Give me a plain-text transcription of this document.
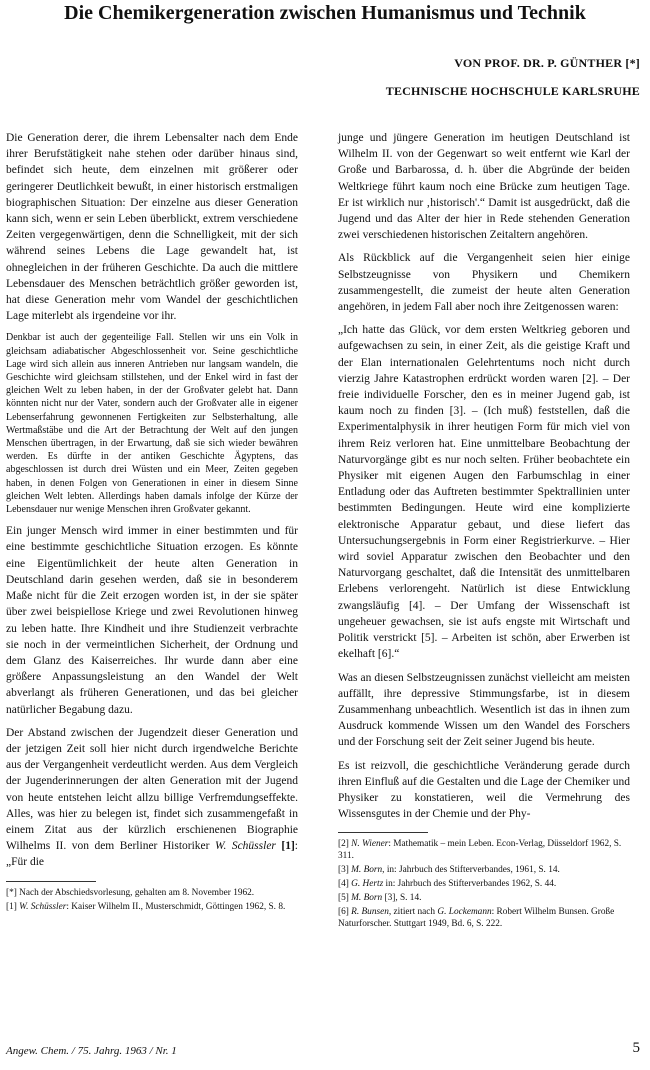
Die Chemikergeneration zwischen Humanismus und Technik
VON PROF. DR. P. GÜNTHER [*]
TECHNISCHE HOCHSCHULE KARLSRUHE

Die Generation derer, die ihrem Lebensalter nach dem Ende ihrer Berufstätigkeit nahe stehen oder darüber hinaus sind, befindet sich heute, dem einzelnen mit größerer oder geringerer Deutlichkeit bewußt, in einer historisch erstmaligen biographischen Situation: Der einzelne aus dieser Generation kann sich, wenn er sein Leben überblickt, extrem verschiedene Zeiten vergegenwärtigen, denn die Schnelligkeit, mit der sich während seines Lebens die Lage gewandelt hat, ist ohnegleichen in der früheren Geschichte. Da auch die mittlere Lebensdauer des Menschen beträchtlich größer geworden ist, hat diese Generation mehr vom Wandel der geschichtlichen Lage miterlebt als irgendeine vor ihr.

Denkbar ist auch der gegenteilige Fall. Stellen wir uns ein Volk in gleichsam adiabatischer Abgeschlossenheit vor. Seine geschichtliche Lage wird sich allein aus inneren Antrieben nur langsam wandeln, die Geschichte wird gleichsam stillstehen, und der Enkel wird in fast der gleichen Welt zu leben haben, in der der Großvater gelebt hat. Dann könnten nicht nur der Vater, sondern auch der Großvater alle in eigener Lebenserfahrung gewonnenen Fertigkeiten zur Selbsterhaltung, alle Wertmaßstäbe und die Art der Betrachtung der Welt auf den jungen Menschen übertragen, in der Erwartung, daß sie sich wieder bewähren werden. Es dürfte in der antiken Geschichte Ägyptens, das abgeschlossen ist durch drei Wüsten und ein Meer, Zeiten gegeben haben, in denen Folgen von Generationen in einer in diesem Sinne gleichen Welt lebten. Allerdings haben damals infolge der Kürze der Lebensdauer nur wenige Menschen ihren Großvater gekannt.

Ein junger Mensch wird immer in einer bestimmten und für eine bestimmte geschichtliche Situation erzogen. Es könnte eine Eigentümlichkeit der heute alten Generation in Deutschland darin gesehen werden, daß sie in besonderem Maße nicht für die Zeit erzogen worden ist, in der sie später über zwei beispiellose Kriege und zwei Revolutionen hinweg zu leben hatte. Ihre Kindheit und ihre Studienzeit verbrachte sie noch in der vermeintlichen Sicherheit, der Ordnung und dem Glanz des Kaiserreiches. Ihr wurde dann aber eine größere Anpassungsleistung an den Wandel der Welt abverlangt als früheren Generationen, und das bei gleicher natürlicher Begabung dazu.

Der Abstand zwischen der Jugendzeit dieser Generation und der jetzigen Zeit soll hier nicht durch irgendwelche Berichte aus der Vergangenheit verdeutlicht werden. Aus dem Vergleich der Jugenderinnerungen der alten Generation mit der Jugend von heute entstehen leicht allzu billige Verfremdungseffekte. Alles, was hier zu belegen ist, findet sich zusammengefaßt in einem Zitat aus der kürzlich erschienenen Biographie Wilhelms II. von dem Berliner Historiker W. Schüssler [1]: „Für die

[*] Nach der Abschiedsvorlesung, gehalten am 8. November 1962.

[1] W. Schüssler: Kaiser Wilhelm II., Musterschmidt, Göttingen 1962, S. 8.

junge und jüngere Generation im heutigen Deutschland ist Wilhelm II. von der Gegenwart so weit entfernt wie Karl der Große und Barbarossa, d. h. über die Abgründe der beiden Weltkriege führt kaum noch eine Brücke zum heutigen Tage. Er ist wirklich nur ‚historisch'.“ Damit ist ausgedrückt, daß die Jugend und das Alter der hier in Rede stehenden Generation zwei verschiedenen historischen Zeitaltern angehören.

Als Rückblick auf die Vergangenheit seien hier einige Selbstzeugnisse von Physikern und Chemikern zusammengestellt, die zumeist der heute alten Generation angehören, in jedem Fall aber noch ihre Zeitgenossen waren:

„Ich hatte das Glück, vor dem ersten Weltkrieg geboren und aufgewachsen zu sein, in einer Zeit, als die geistige Kraft und der Elan internationalen Gelehrtentums noch nicht durch vierzig Jahre Katastrophen erdrückt worden waren [2]. – Der freie individuelle Forscher, den es in meiner Jugend gab, ist kaum noch zu finden [3]. – (Ich muß) feststellen, daß die Experimentalphysik in ihrer heutigen Form für mich viel von ihrem Reiz verloren hat. Eine unmittelbare Beobachtung der Naturvorgänge gibt es nur noch selten. Früher beobachtete ein Physiker mit eigenen Augen den Farbumschlag in einer Entladung oder das Auftreten bestimmter Spektrallinien unter bestimmten Bedingungen. Heute wird eine komplizierte elektronische Apparatur gebaut, und diese liefert das Untersuchungsergebnis in Form einer Registrierkurve. – Hier wird soviel Apparatur zwischen den Beobachter und den Naturvorgang geschaltet, daß die Intensität des unmittelbaren Erlebens verlorengeht. Natürlich ist diese Entwicklung zwangsläufig [4]. – Der Umfang der Wissenschaft ist ungeheuer gewachsen, sie ist aufs engste mit Wirtschaft und Politik verstrickt [5]. – Arbeiten ist schön, aber Erwerben ist ekelhaft [6].“

Was an diesen Selbstzeugnissen zunächst vielleicht am meisten auffällt, ihre depressive Stimmungsfarbe, ist in diesem Zusammenhang unbeachtlich. Wesentlich ist das in ihnen zum Ausdruck kommende Wissen um den Wandel des Forschers und der Forschung seit der Zeit seiner Jugend bis heute.

Es ist reizvoll, die geschichtliche Veränderung gerade durch ihren Einfluß auf die Gestalten und die Lage der Chemiker und Physiker zu konstatieren, weil die Vermehrung des Wissensgutes in der Chemie und der Phy-

[2] N. Wiener: Mathematik – mein Leben. Econ-Verlag, Düsseldorf 1962, S. 311.

[3] M. Born, in: Jahrbuch des Stifterverbandes, 1961, S. 14.

[4] G. Hertz in: Jahrbuch des Stifterverbandes 1962, S. 44.

[5] M. Born [3], S. 14.

[6] R. Bunsen, zitiert nach G. Lockemann: Robert Wilhelm Bunsen. Große Naturforscher. Stuttgart 1949, Bd. 6, S. 222.

Angew. Chem. / 75. Jahrg. 1963 / Nr. 1	5
